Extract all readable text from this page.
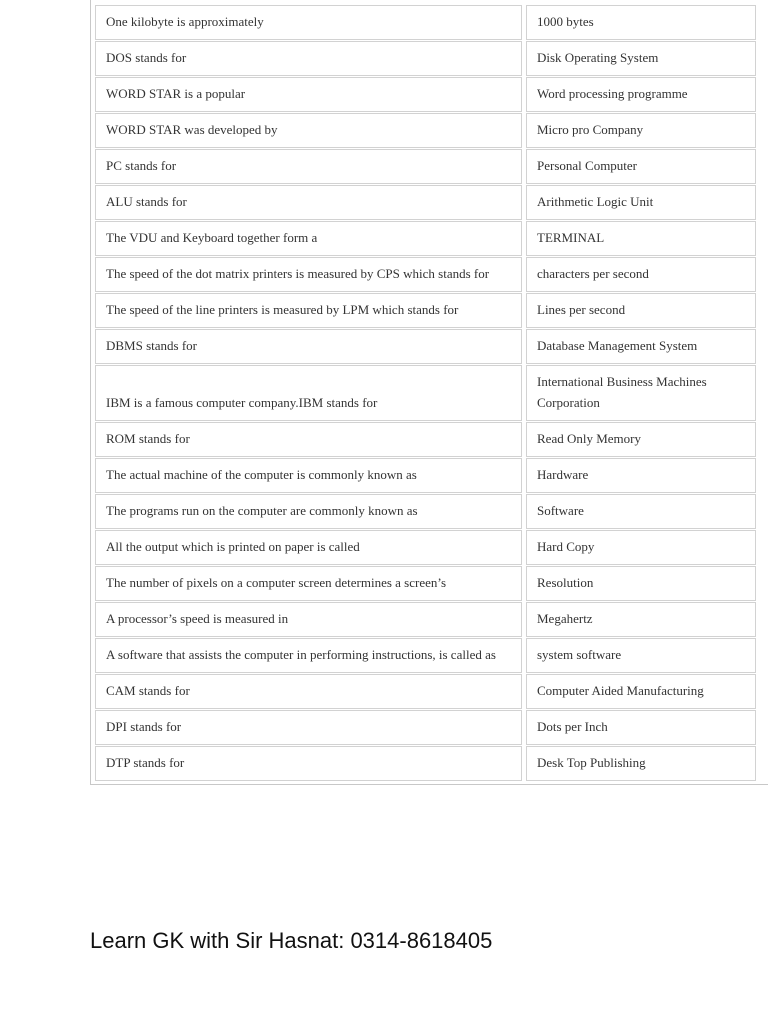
One kilobyte is approximately	1000 bytes
DOS stands for	Disk Operating System
WORD STAR is a popular	Word processing programme
WORD STAR was developed by	Micro pro Company
PC stands for	Personal Computer
ALU stands for	Arithmetic Logic Unit
The VDU and Keyboard together form a	TERMINAL
The speed of the dot matrix printers is measured by CPS which stands for	characters per second
The speed of the line printers is measured by LPM which stands for	Lines per second
DBMS stands for	Database Management System
IBM is a famous computer company.IBM stands for	International Business Machines Corporation
ROM stands for	Read Only Memory
The actual machine of the computer is commonly known as	Hardware
The programs run on the computer are commonly known as	Software
All the output which is printed on paper is called	Hard Copy
The number of pixels on a computer screen determines a screen’s	Resolution
A processor’s speed is measured in	Megahertz
A software that assists the computer in performing instructions, is called as	system software
CAM stands for	Computer Aided Manufacturing
DPI stands for	Dots per Inch
DTP stands for	Desk Top Publishing
Learn GK with Sir Hasnat: 0314-8618405
